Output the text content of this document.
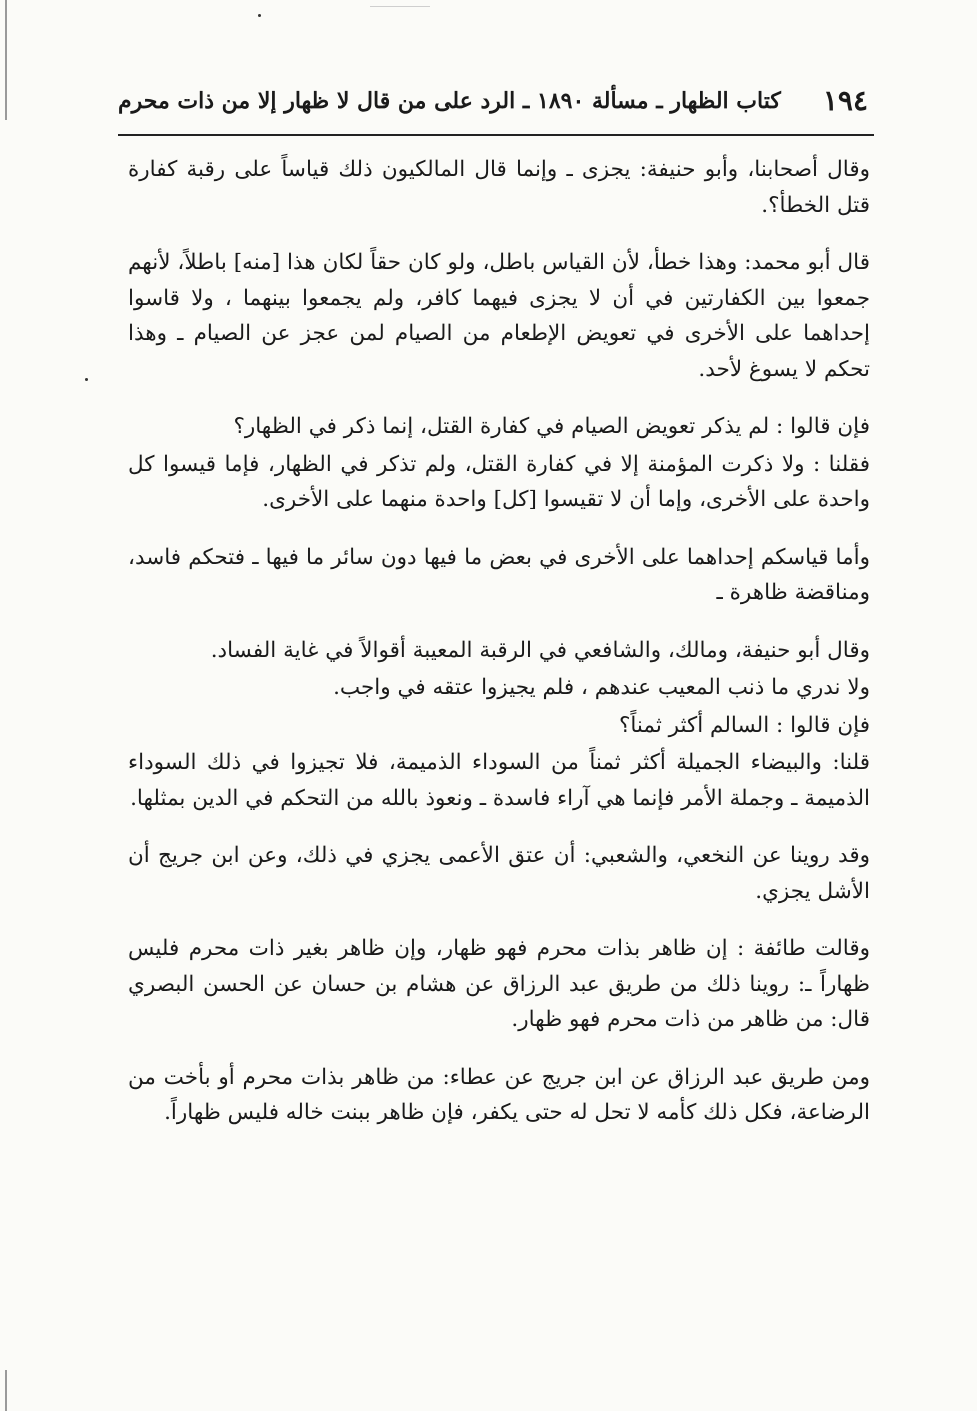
١٩٤
كتاب الظهار ـ مسألة ١٨٩٠ ـ الرد على من قال لا ظهار إلا من ذات محرم

وقال أصحابنا، وأبو حنيفة: يجزى ـ وإنما قال المالكيون ذلك قياساً على رقبة كفارة قتل الخطأ؟.

قال أبو محمد: وهذا خطأ، لأن القياس باطل، ولو كان حقاً لكان هذا [منه] باطلاً، لأنهم جمعوا بين الكفارتين في أن لا يجزى فيهما كافر، ولم يجمعوا بينهما ، ولا قاسوا إحداهما على الأخرى في تعويض الإطعام من الصيام لمن عجز عن الصيام ـ وهذا تحكم لا يسوغ لأحد.

فإن قالوا : لم يذكر تعويض الصيام في كفارة القتل، إنما ذكر في الظهار؟

فقلنا : ولا ذكرت المؤمنة إلا في كفارة القتل، ولم تذكر في الظهار، فإما قيسوا كل واحدة على الأخرى، وإما أن لا تقيسوا [كل] واحدة منهما على الأخرى.

وأما قياسكم إحداهما على الأخرى في بعض ما فيها دون سائر ما فيها ـ فتحكم فاسد، ومناقضة ظاهرة ـ

وقال أبو حنيفة، ومالك، والشافعي في الرقبة المعيبة أقوالاً في غاية الفساد.

ولا ندري ما ذنب المعيب عندهم ، فلم يجيزوا عتقه في واجب.

فإن قالوا : السالم أكثر ثمناً؟

قلنا: والبيضاء الجميلة أكثر ثمناً من السوداء الذميمة، فلا تجيزوا في ذلك السوداء الذميمة ـ وجملة الأمر فإنما هي آراء فاسدة ـ ونعوذ بالله من التحكم في الدين بمثلها.

وقد روينا عن النخعي، والشعبي: أن عتق الأعمى يجزي في ذلك، وعن ابن جريج أن الأشل يجزي.

وقالت طائفة : إن ظاهر بذات محرم فهو ظهار، وإن ظاهر بغير ذات محرم فليس ظهاراً ـ: روينا ذلك من طريق عبد الرزاق عن هشام بن حسان عن الحسن البصري قال: من ظاهر من ذات محرم فهو ظهار.

ومن طريق عبد الرزاق عن ابن جريج عن عطاء: من ظاهر بذات محرم أو بأخت من الرضاعة، فكل ذلك كأمه لا تحل له حتى يكفر، فإن ظاهر ببنت خاله فليس ظهاراً.
